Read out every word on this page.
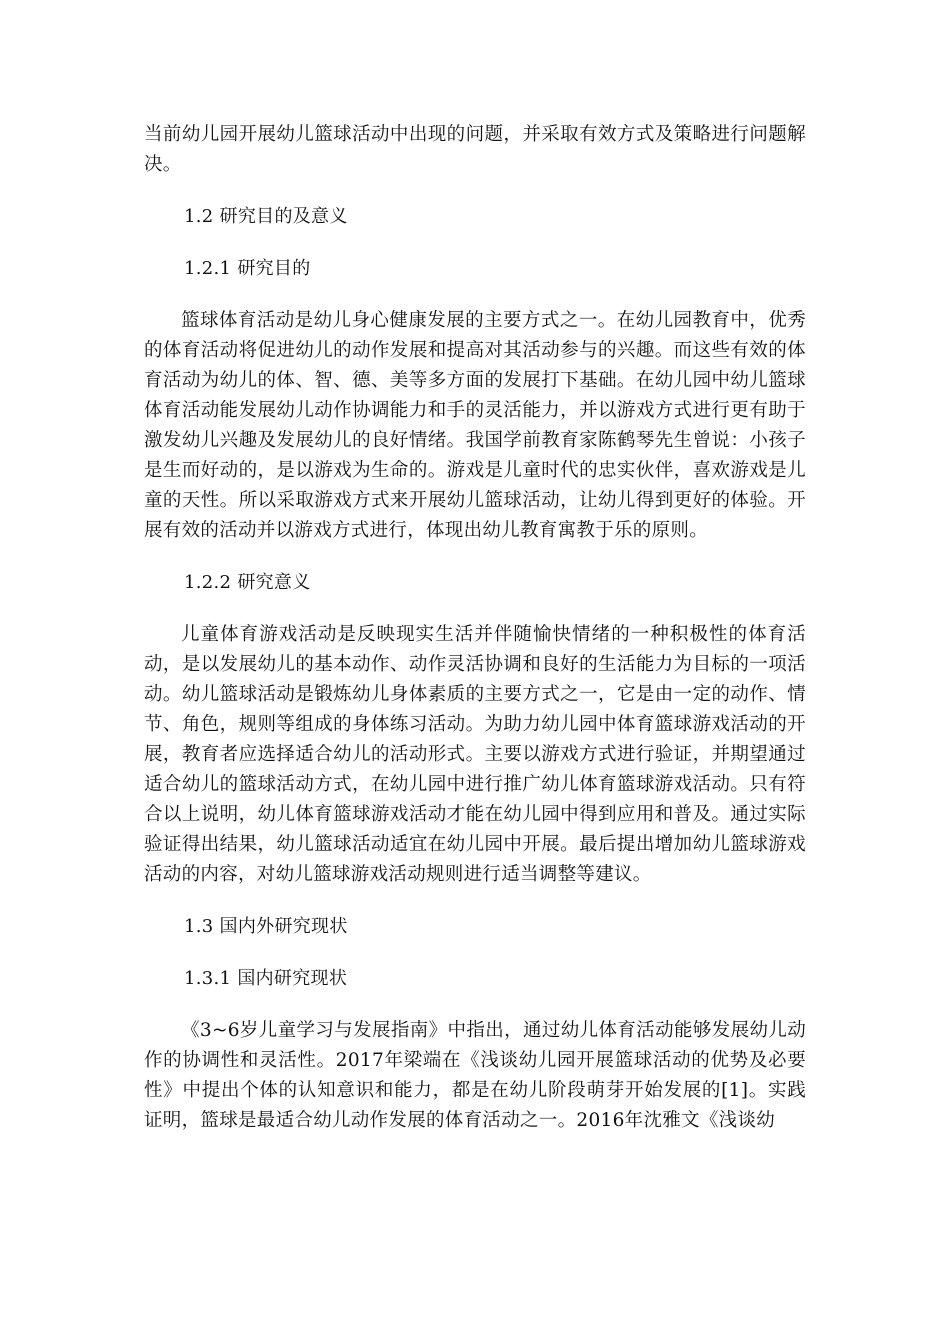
当前幼儿园开展幼儿篮球活动中出现的问题，并采取有效方式及策略进行问题解决。

1.2 研究目的及意义

1.2.1 研究目的

篮球体育活动是幼儿身心健康发展的主要方式之一。在幼儿园教育中，优秀的体育活动将促进幼儿的动作发展和提高对其活动参与的兴趣。而这些有效的体育活动为幼儿的体、智、德、美等多方面的发展打下基础。在幼儿园中幼儿篮球体育活动能发展幼儿动作协调能力和手的灵活能力，并以游戏方式进行更有助于激发幼儿兴趣及发展幼儿的良好情绪。我国学前教育家陈鹤琴先生曾说：小孩子是生而好动的，是以游戏为生命的。游戏是儿童时代的忠实伙伴，喜欢游戏是儿童的天性。所以采取游戏方式来开展幼儿篮球活动，让幼儿得到更好的体验。开展有效的活动并以游戏方式进行，体现出幼儿教育寓教于乐的原则。

1.2.2 研究意义

儿童体育游戏活动是反映现实生活并伴随愉快情绪的一种积极性的体育活动，是以发展幼儿的基本动作、动作灵活协调和良好的生活能力为目标的一项活动。幼儿篮球活动是锻炼幼儿身体素质的主要方式之一，它是由一定的动作、情节、角色，规则等组成的身体练习活动。为助力幼儿园中体育篮球游戏活动的开展，教育者应选择适合幼儿的活动形式。主要以游戏方式进行验证，并期望通过适合幼儿的篮球活动方式，在幼儿园中进行推广幼儿体育篮球游戏活动。只有符合以上说明，幼儿体育篮球游戏活动才能在幼儿园中得到应用和普及。通过实际验证得出结果，幼儿篮球活动适宜在幼儿园中开展。最后提出增加幼儿篮球游戏活动的内容，对幼儿篮球游戏活动规则进行适当调整等建议。

1.3 国内外研究现状

1.3.1 国内研究现状

《3~6岁儿童学习与发展指南》中指出，通过幼儿体育活动能够发展幼儿动作的协调性和灵活性。2017年梁端在《浅谈幼儿园开展篮球活动的优势及必要性》中提出个体的认知意识和能力，都是在幼儿阶段萌芽开始发展的[1]。实践证明，篮球是最适合幼儿动作发展的体育活动之一。2016年沈雅文《浅谈幼
